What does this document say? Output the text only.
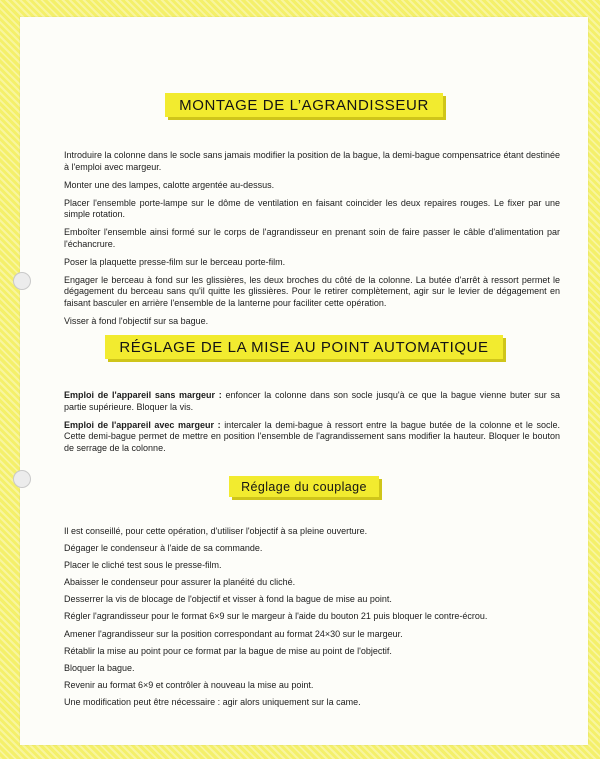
MONTAGE DE L’AGRANDISSEUR

Introduire la colonne dans le socle sans jamais modifier la position de la bague, la demi-bague compensatrice étant destinée à l'emploi avec margeur.

Monter une des lampes, calotte argentée au-dessus.

Placer l'ensemble porte-lampe sur le dôme de ventilation en faisant coincider les deux repaires rouges. Le fixer par une simple rotation.

Emboîter l'ensemble ainsi formé sur le corps de l'agrandisseur en prenant soin de faire passer le câble d'alimentation par l'échancrure.

Poser la plaquette presse-film sur le berceau porte-film.

Engager le berceau à fond sur les glissières, les deux broches du côté de la colonne. La butée d'arrêt à ressort permet le dégagement du berceau sans qu'il quitte les glissières. Pour le retirer complètement, agir sur le levier de dégagement en faisant basculer en arrière l'ensemble de la lanterne pour faciliter cette opération.

Visser à fond l'objectif sur sa bague.

RÉGLAGE DE LA MISE AU POINT AUTOMATIQUE

Emploi de l'appareil sans margeur : enfoncer la colonne dans son socle jusqu'à ce que la bague vienne buter sur sa partie supérieure. Bloquer la vis.

Emploi de l'appareil avec margeur : intercaler la demi-bague à ressort entre la bague butée de la colonne et le socle. Cette demi-bague permet de mettre en position l'ensemble de l'agrandissement sans modifier la hauteur. Bloquer le bouton de serrage de la colonne.

Réglage du couplage

Il est conseillé, pour cette opération, d'utiliser l'objectif à sa pleine ouverture.

Dégager le condenseur à l'aide de sa commande.

Placer le cliché test sous le presse-film.

Abaisser le condenseur pour assurer la planéité du cliché.

Desserrer la vis de blocage de l'objectif et visser à fond la bague de mise au point.

Régler l'agrandisseur pour le format 6×9 sur le margeur à l'aide du bouton 21 puis bloquer le contre-écrou.

Amener l'agrandisseur sur la position correspondant au format 24×30 sur le margeur.

Rétablir la mise au point pour ce format par la bague de mise au point de l'objectif.

Bloquer la bague.

Revenir au format 6×9 et contrôler à nouveau la mise au point.

Une modification peut être nécessaire : agir alors uniquement sur la came.
